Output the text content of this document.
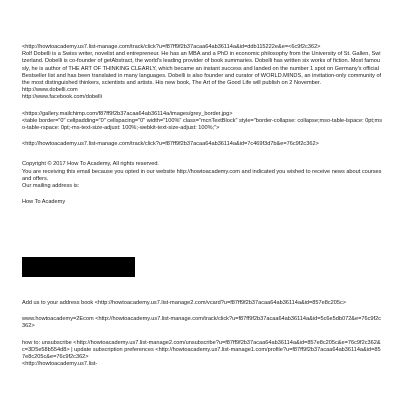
<http://howtoacademy.us7.list-manage.com/track/click?u=f87ff9f2b37acaa64ab36114a&id=ddb115222e&e=<6c9f2c362>

Rolf Dobelli is a Swiss writer, novelist and entrepreneur. He has an MBA and a PhD in economic philosophy from the University of St. Gallen, Switzerland. Dobelli is co-founder of getAbstract, the world's leading provider of book summaries. Dobelli has written six works of fiction. Most famously, he is author of THE ART OF THINKING CLEARLY, which became an instant success and landed on the number 1 spot on Germany's official Bestseller list and has been translated in many languages. Dobelli is also founder and curator of WORLD.MINDS, an invitation-only community of the most distinguished thinkers, scientists and artists. His new book, The Art of the Good Life will publish on 2 November.

http://www.dobelli.com

http://www.facebook.com/dobelli

<https://gallery.mailchimp.com/f87ff9f2b37acaa64ab36114a/images/grey_border.jpg>

<table border="0" cellpadding="0" cellspacing="0" width="100%" class="mcnTextBlock" style="border-collapse: collapse;mso-table-lspace: 0pt;mso-table-rspace: 0pt;-ms-text-size-adjust: 100%;-webkit-text-size-adjust: 100%;">

<http://howtoacademy.us7.list-manage.com/track/click?u=f87ff9f2b37acaa64ab36114a&id=7c469f3d7b&e=76c9f2c362>

Copyright © 2017 How To Academy, All rights reserved.

You are receiving this email because you opted in our website http://howtoacademy.com and indicated you wished to receive news about courses and offers.

Our mailing address is:

How To Academy

Add us to your address book <http://howtoacademy.us7.list-manage2.com/vcard?u=f87ff9f2b37acaa64ab36114a&id=857e8c205c>

www.howtoacademy=2Ecom <http://howtoacademy.us7.list-manage.com/track/click?u=f87ff9f2b37acaa64ab36114a&id=5c6e5db072&e=76c9f2c362>

how to: unsubscribe <http://howtoacademy.us7.list-manage2.com/unsubscribe?u=f87ff9f2b37acaa64ab36114a&id=857e8c205c&e=76c9f2c362&c=3D5e58b554d8> | update subscription preferences <http://howtoacademy.us7.list-manage1.com/profile?u=f87ff9f2b37acaa64ab36114a&id=857e8c205c&e=76c9f2c362>

<http://howtoacademy.us7.list-
